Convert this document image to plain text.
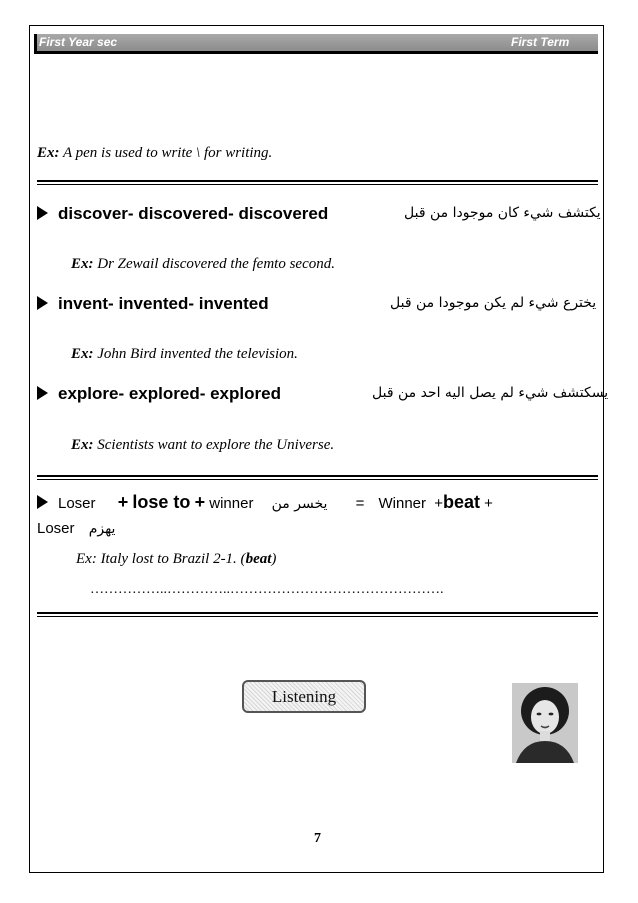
First Year sec	First Term
Ex: A pen is used to write \ for writing.
discover- discovered- discovered	يكتشف شيء كان موجودا من قبل
Ex: Dr Zewail discovered the femto second.
invent- invented- invented	يخترع شيء لم يكن موجودا من قبل
Ex: John Bird invented the television.
explore- explored- explored	يسكتشف شيء لم يصل اليه احد من قبل
Ex: Scientists want to explore the Universe.
Loser + lose to + winner يخسر من = Winner +beat +
Loser يهزم
Ex: Italy lost to Brazil 2-1. (beat)
……………..…………..……………………………………….
Listening
7
